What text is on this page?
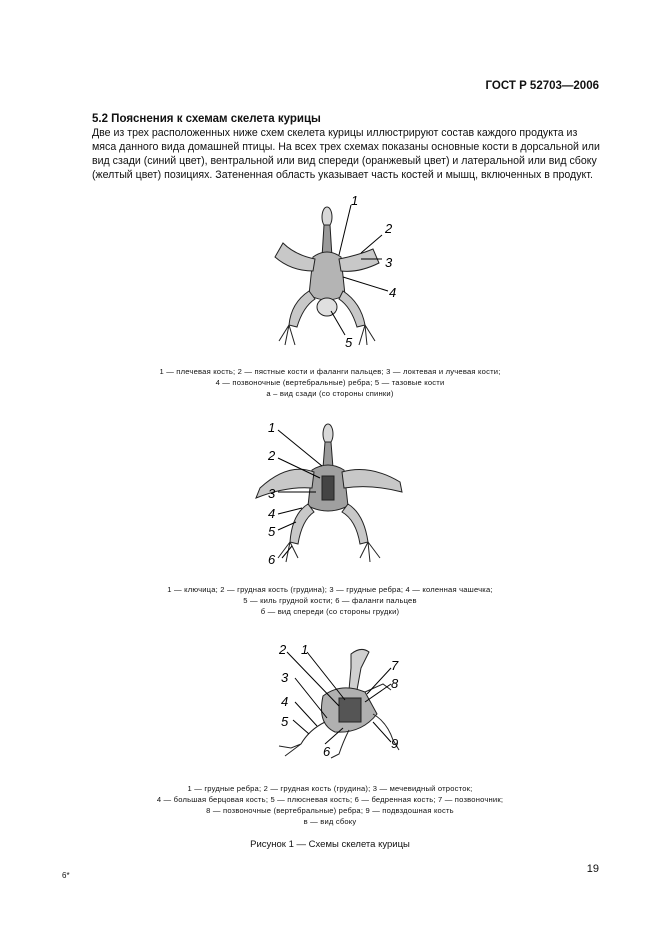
ГОСТ Р 52703—2006
5.2 Пояснения к схемам скелета курицы

Две из трех расположенных ниже схем скелета курицы иллюстрируют состав каждого продукта из мяса данного вида домашней птицы. На всех трех схемах показаны основные кости в дорсальной или вид сзади (синий цвет), вентральной или вид спереди (оранжевый цвет) и латеральной или вид сбоку (желтый цвет) позициях. Затененная область указывает часть костей и мышц, включенных в продукт.

1
2
3
4
5
1 — плечевая кость; 2 — пястные кости и фаланги пальцев; 3 — локтевая и лучевая кости;
4 — позвоночные (вертебральные) ребра; 5 — тазовые кости
а – вид сзади (со стороны спинки)
1
2
3
4
5
6
1 — ключица; 2 — грудная кость (грудина); 3 — грудные ребра; 4 — коленная чашечка;
5 — киль грудной кости; 6 — фаланги пальцев
б — вид спереди (со стороны грудки)
2 1
3
4
5
6
7
8
9
1 — грудные ребра; 2 — грудная кость (грудина); 3 — мечевидный отросток;
4 — большая берцовая кость; 5 — плюсневая кость; 6 — бедренная кость; 7 — позвоночник;
8 — позвоночные (вертебральные) ребра; 9 — подвздошная кость
в — вид сбоку
Рисунок 1 — Схемы скелета курицы
6*
19
